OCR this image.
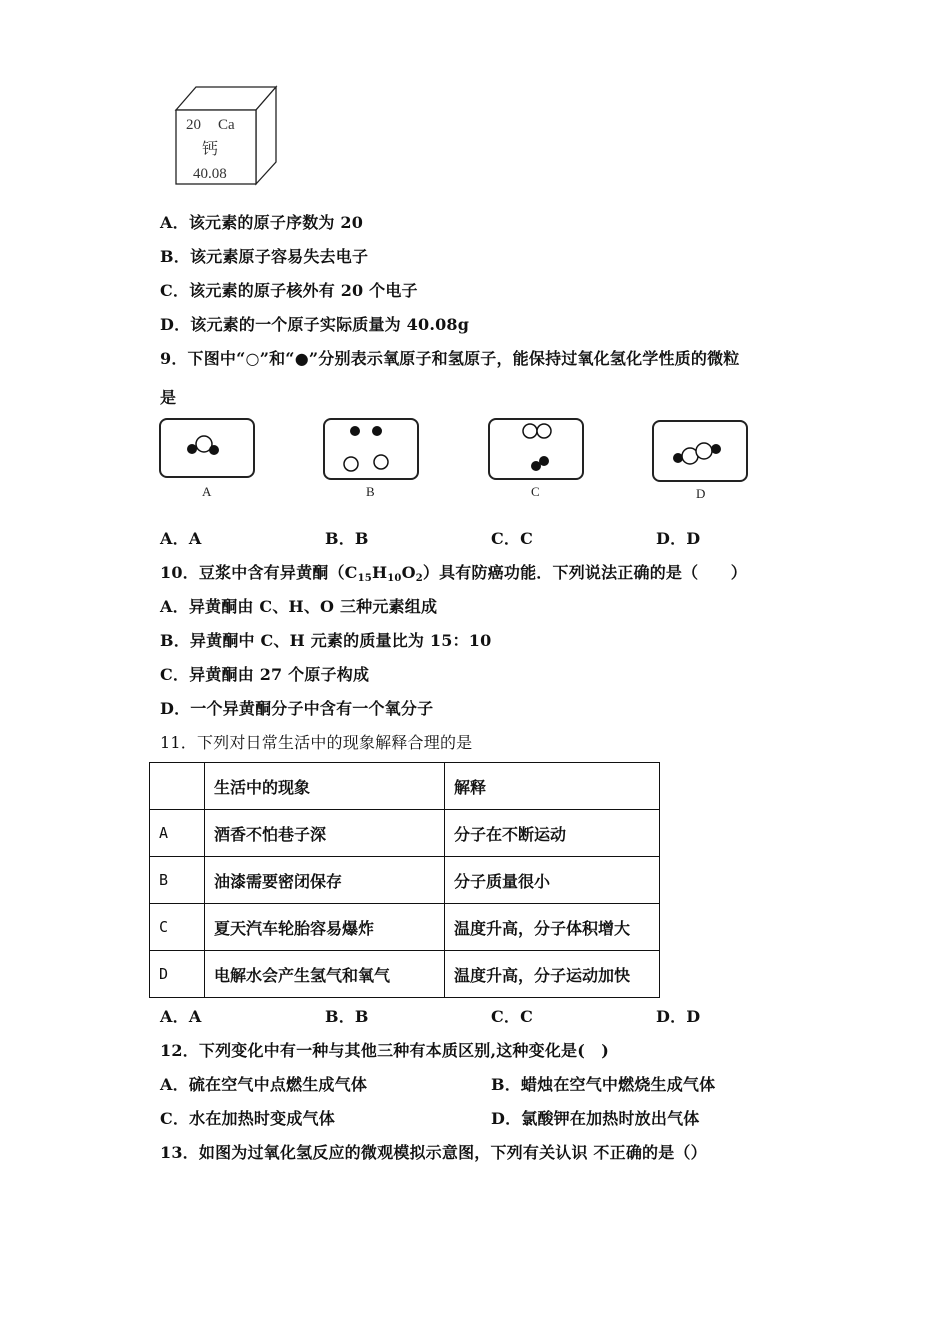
20 Ca
钙
40.08
A．该元素的原子序数为 20
B．该元素原子容易失去电子
C．该元素的原子核外有 20 个电子
D．该元素的一个原子实际质量为 40.08g
9．下图中“○”和“●”分别表示氧原子和氢原子，能保持过氧化氢化学性质的微粒
是
A	B	C	D
A．A	B．B	C．C	D．D
10．豆浆中含有异黄酮$(C_{15}H_{10}O_2)$具有防癌功能．下列说法正确的是（　　）
A．异黄酮由 C、H、O 三种元素组成
B．异黄酮中 C、H 元素的质量比为 15：10
C．异黄酮由 27 个原子构成
D．一个异黄酮分子中含有一个氧分子
11．下列对日常生活中的现象解释合理的是
	生活中的现象	解释
A	酒香不怕巷子深	分子在不断运动
B	油漆需要密闭保存	分子质量很小
C	夏天汽车轮胎容易爆炸	温度升高，分子体积增大
D	电解水会产生氢气和氧气	温度升高，分子运动加快
A．A	B．B	C．C	D．D
12．下列变化中有一种与其他三种有本质区别,这种变化是(　)
A．硫在空气中点燃生成气体	B．蜡烛在空气中燃烧生成气体
C．水在加热时变成气体	D．氯酸钾在加热时放出气体
13．如图为过氧化氢反应的微观模拟示意图，下列有关认识 不正确的是（）
